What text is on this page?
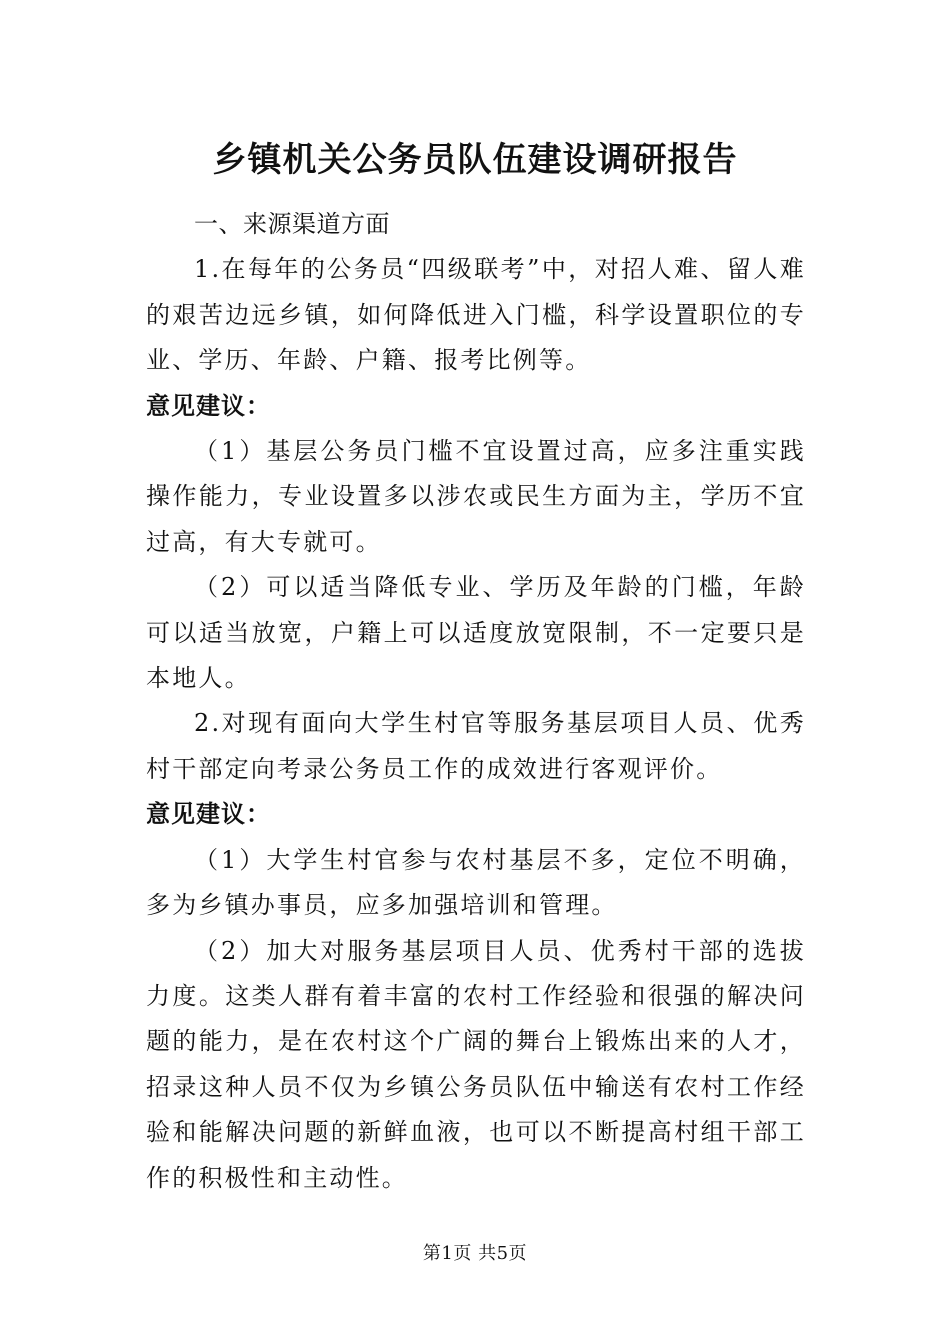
乡镇机关公务员队伍建设调研报告

一、来源渠道方面

1.在每年的公务员“四级联考”中，对招人难、留人难的艰苦边远乡镇，如何降低进入门槛，科学设置职位的专业、学历、年龄、户籍、报考比例等。

意见建议：

（1）基层公务员门槛不宜设置过高，应多注重实践操作能力，专业设置多以涉农或民生方面为主，学历不宜过高，有大专就可。

（2）可以适当降低专业、学历及年龄的门槛，年龄可以适当放宽，户籍上可以适度放宽限制，不一定要只是本地人。

2.对现有面向大学生村官等服务基层项目人员、优秀村干部定向考录公务员工作的成效进行客观评价。

意见建议：

（1）大学生村官参与农村基层不多，定位不明确，多为乡镇办事员，应多加强培训和管理。

（2）加大对服务基层项目人员、优秀村干部的选拔力度。这类人群有着丰富的农村工作经验和很强的解决问题的能力，是在农村这个广阔的舞台上锻炼出来的人才，招录这种人员不仅为乡镇公务员队伍中输送有农村工作经验和能解决问题的新鲜血液，也可以不断提高村组干部工作的积极性和主动性。

第1页 共5页
